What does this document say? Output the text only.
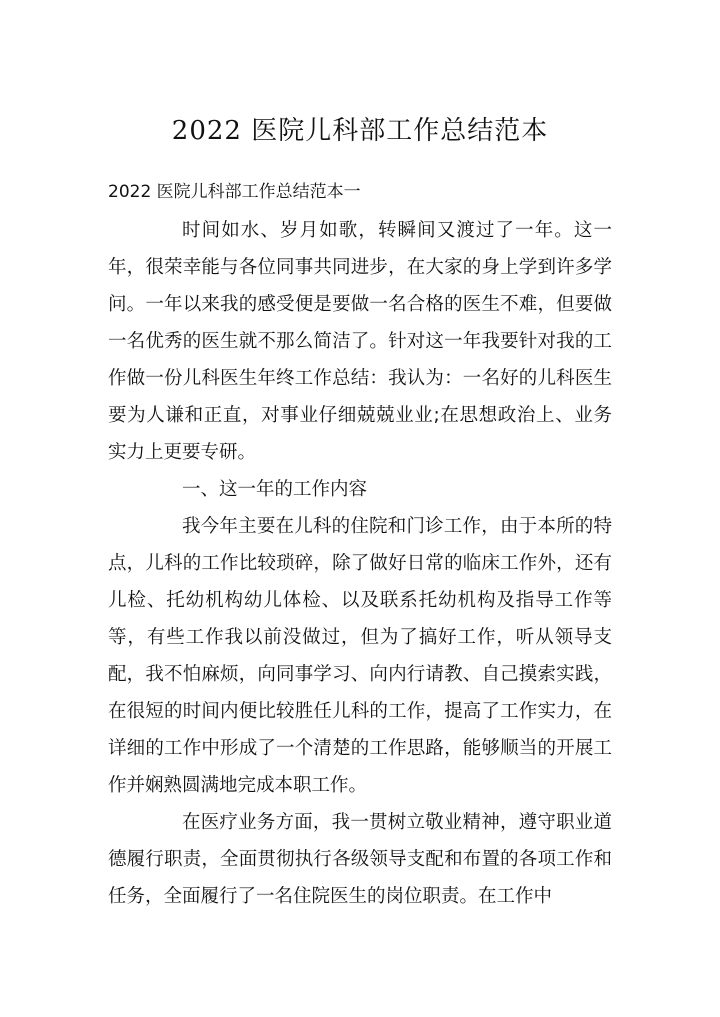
2022 医院儿科部工作总结范本
2022 医院儿科部工作总结范本一

时间如水、岁月如歌，转瞬间又渡过了一年。这一年，很荣幸能与各位同事共同进步，在大家的身上学到许多学问。一年以来我的感受便是要做一名合格的医生不难，但要做一名优秀的医生就不那么简洁了。针对这一年我要针对我的工作做一份儿科医生年终工作总结：我认为：一名好的儿科医生要为人谦和正直，对事业仔细兢兢业业;在思想政治上、业务实力上更要专研。

一、这一年的工作内容

我今年主要在儿科的住院和门诊工作，由于本所的特点，儿科的工作比较琐碎，除了做好日常的临床工作外，还有儿检、托幼机构幼儿体检、以及联系托幼机构及指导工作等等，有些工作我以前没做过，但为了搞好工作，听从领导支配，我不怕麻烦，向同事学习、向内行请教、自己摸索实践，在很短的时间内便比较胜任儿科的工作，提高了工作实力，在详细的工作中形成了一个清楚的工作思路，能够顺当的开展工作并娴熟圆满地完成本职工作。

在医疗业务方面，我一贯树立敬业精神，遵守职业道德履行职责，全面贯彻执行各级领导支配和布置的各项工作和任务，全面履行了一名住院医生的岗位职责。在工作中
